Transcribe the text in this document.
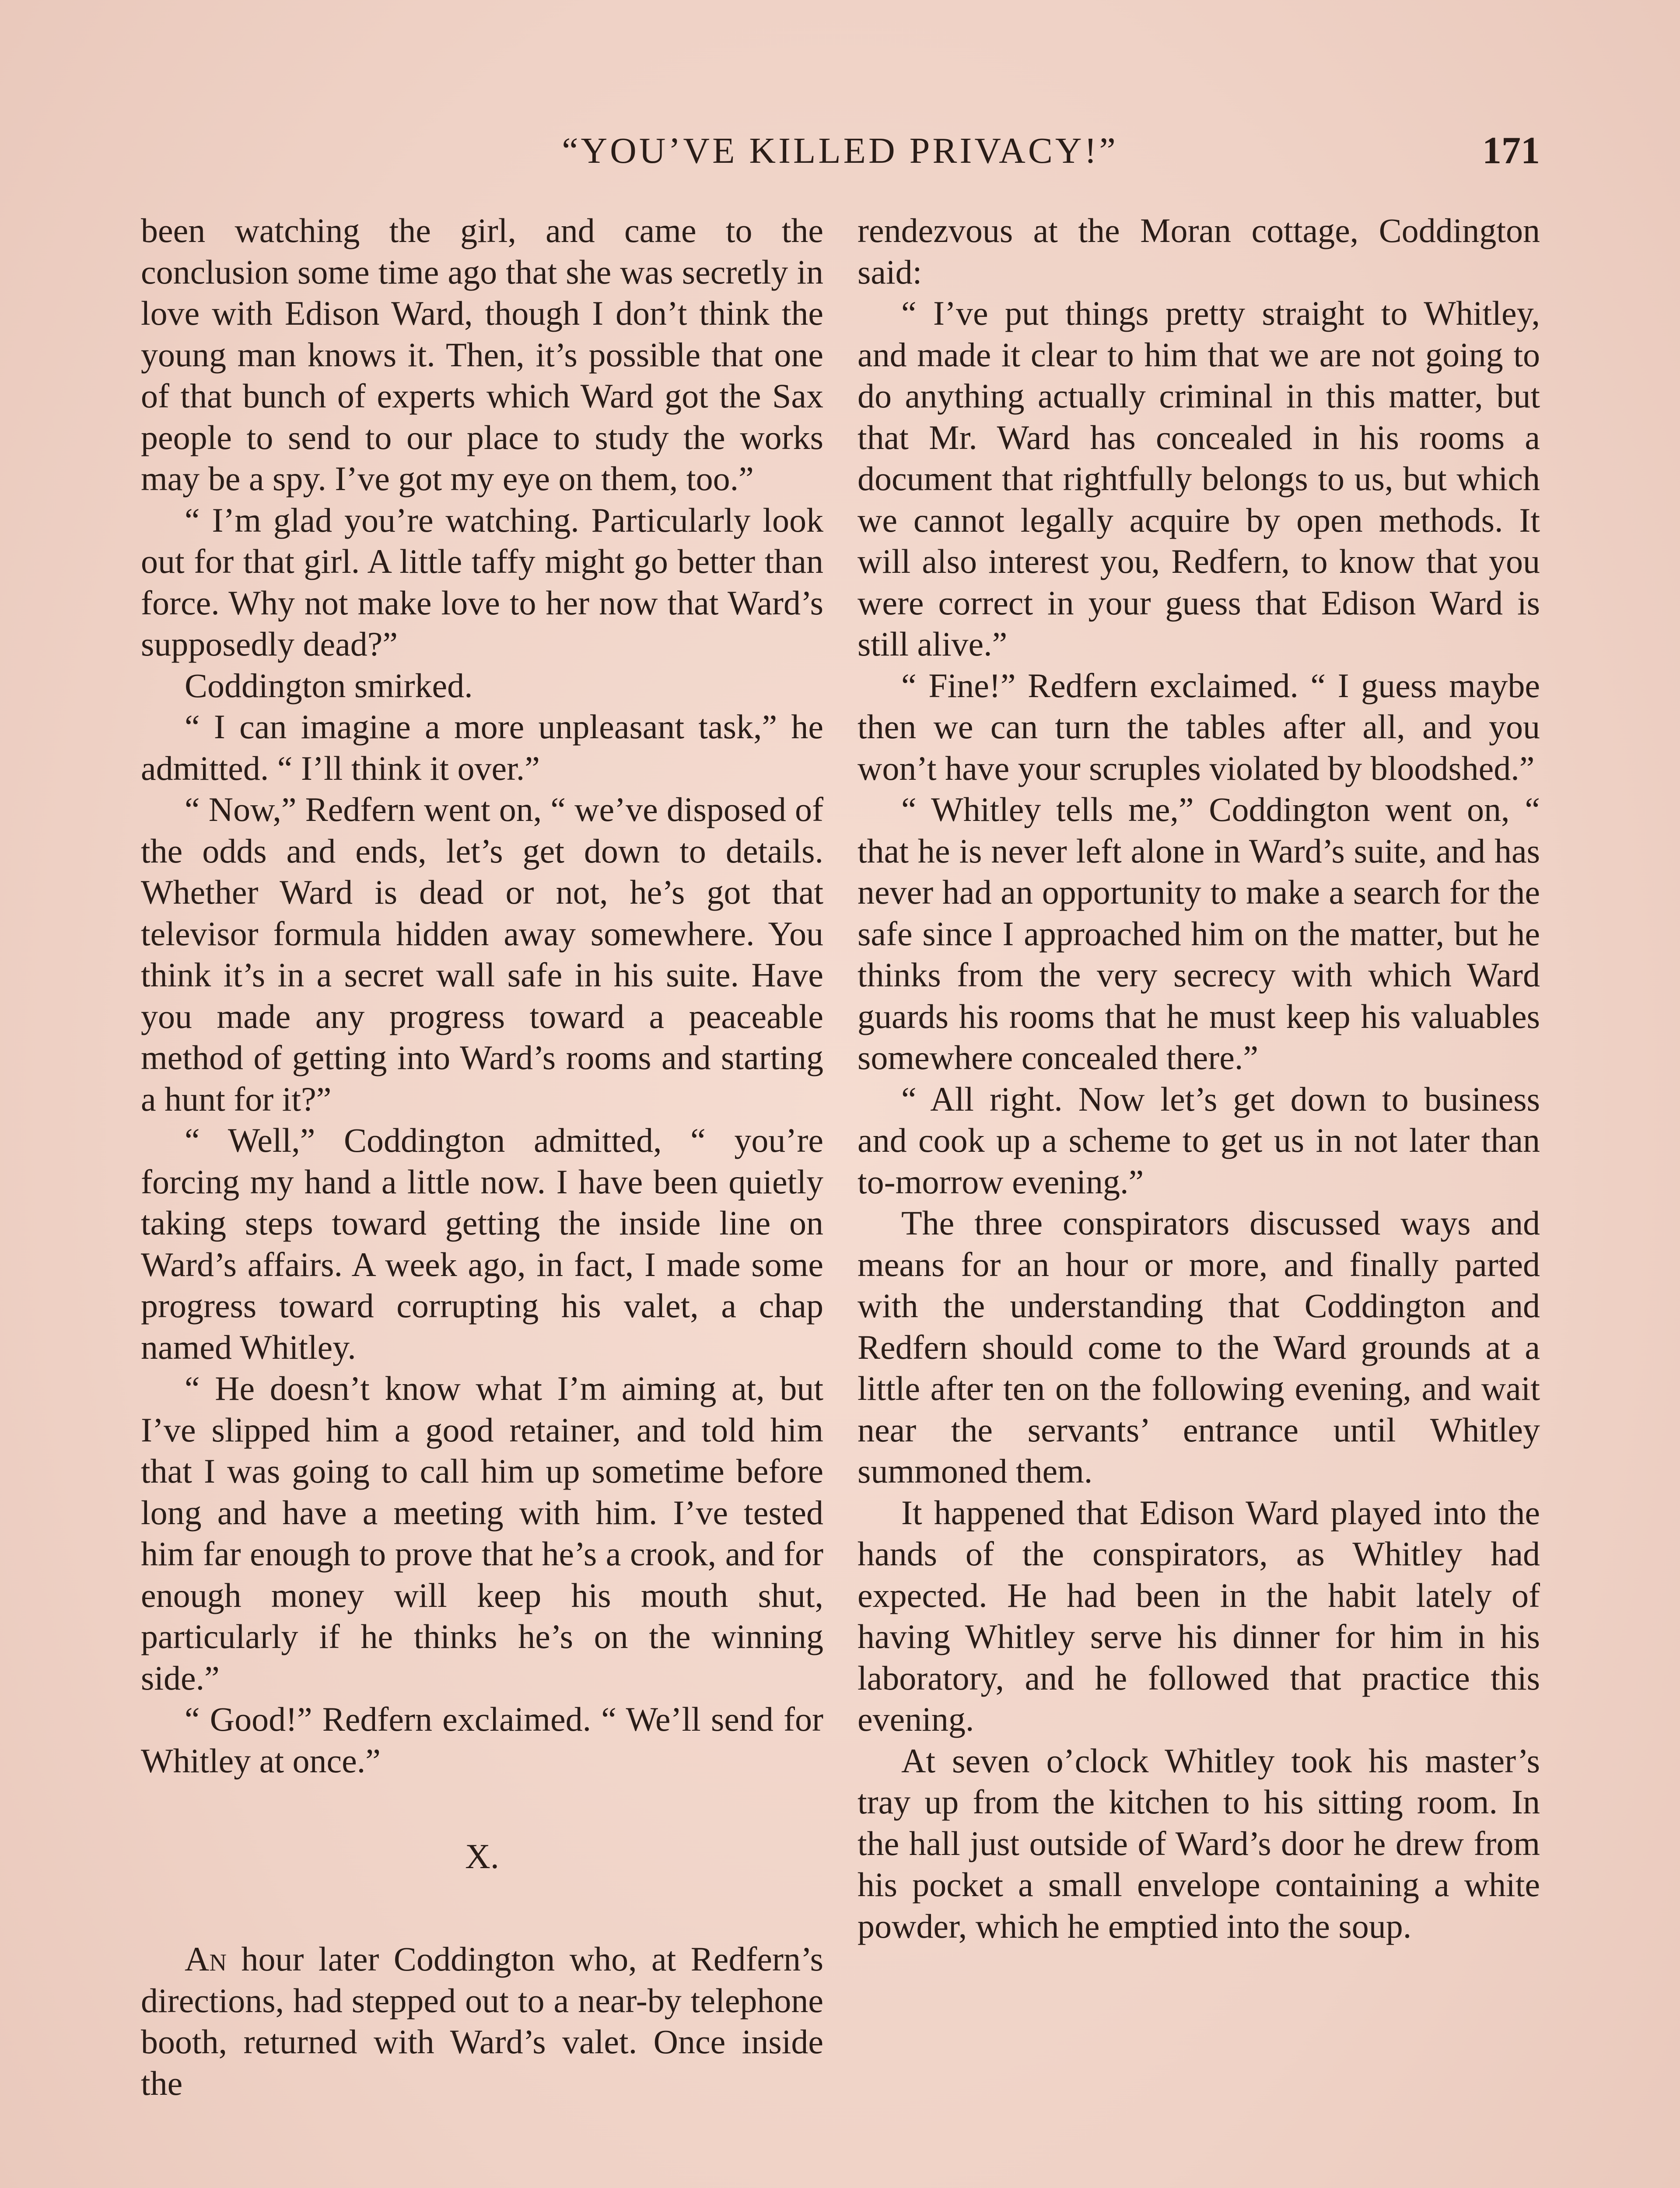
“YOU’VE KILLED PRIVACY!”	171

been watching the girl, and came to the conclusion some time ago that she was secretly in love with Edison Ward, though I don’t think the young man knows it. Then, it’s possible that one of that bunch of experts which Ward got the Sax people to send to our place to study the works may be a spy. I’ve got my eye on them, too.”

“ I’m glad you’re watching. Particularly look out for that girl. A little taffy might go better than force. Why not make love to her now that Ward’s supposedly dead?”

Coddington smirked.

“ I can imagine a more unpleasant task,” he admitted. “ I’ll think it over.”

“ Now,” Redfern went on, “ we’ve disposed of the odds and ends, let’s get down to details. Whether Ward is dead or not, he’s got that televisor formula hidden away somewhere. You think it’s in a secret wall safe in his suite. Have you made any progress toward a peaceable method of getting into Ward’s rooms and starting a hunt for it?”

“ Well,” Coddington admitted, “ you’re forcing my hand a little now. I have been quietly taking steps toward getting the inside line on Ward’s affairs. A week ago, in fact, I made some progress toward corrupting his valet, a chap named Whitley.

“ He doesn’t know what I’m aiming at, but I’ve slipped him a good retainer, and told him that I was going to call him up sometime before long and have a meeting with him. I’ve tested him far enough to prove that he’s a crook, and for enough money will keep his mouth shut, particularly if he thinks he’s on the winning side.”

“ Good!” Redfern exclaimed. “ We’ll send for Whitley at once.”

X.

An hour later Coddington who, at Redfern’s directions, had stepped out to a near-by telephone booth, returned with Ward’s valet. Once inside the

rendezvous at the Moran cottage, Coddington said:

“ I’ve put things pretty straight to Whitley, and made it clear to him that we are not going to do anything actually criminal in this matter, but that Mr. Ward has concealed in his rooms a document that rightfully belongs to us, but which we cannot legally acquire by open methods. It will also interest you, Redfern, to know that you were correct in your guess that Edison Ward is still alive.”

“ Fine!” Redfern exclaimed. “ I guess maybe then we can turn the tables after all, and you won’t have your scruples violated by bloodshed.”

“ Whitley tells me,” Coddington went on, “ that he is never left alone in Ward’s suite, and has never had an opportunity to make a search for the safe since I approached him on the matter, but he thinks from the very secrecy with which Ward guards his rooms that he must keep his valuables somewhere concealed there.”

“ All right. Now let’s get down to business and cook up a scheme to get us in not later than to-morrow evening.”

The three conspirators discussed ways and means for an hour or more, and finally parted with the understanding that Coddington and Redfern should come to the Ward grounds at a little after ten on the following evening, and wait near the servants’ entrance until Whitley summoned them.

It happened that Edison Ward played into the hands of the conspirators, as Whitley had expected. He had been in the habit lately of having Whitley serve his dinner for him in his laboratory, and he followed that practice this evening.

At seven o’clock Whitley took his master’s tray up from the kitchen to his sitting room. In the hall just outside of Ward’s door he drew from his pocket a small envelope containing a white powder, which he emptied into the soup.
